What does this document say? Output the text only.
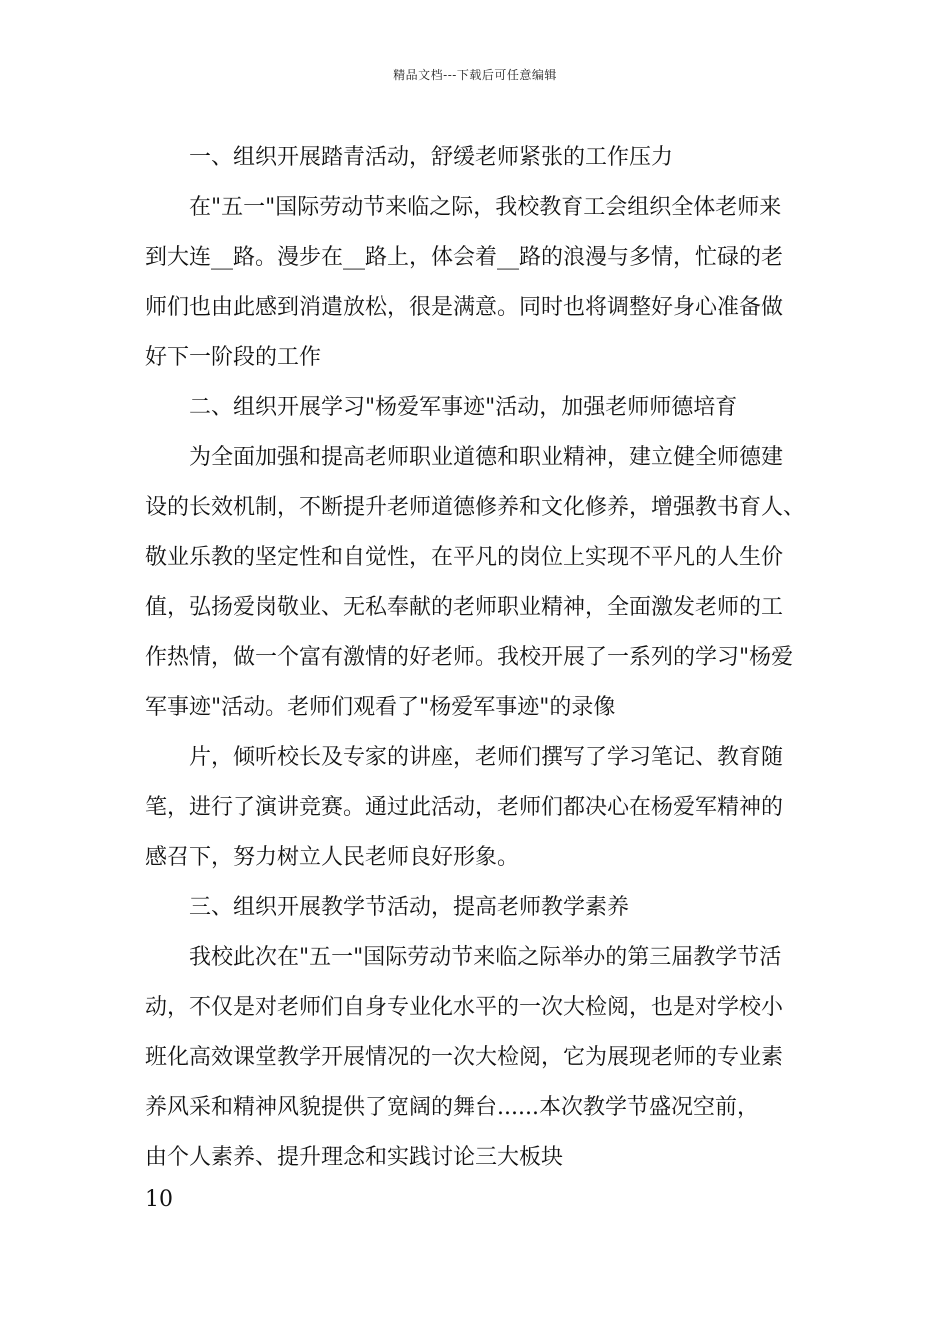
精品文档---下载后可任意编辑
一、组织开展踏青活动，舒缓老师紧张的工作压力
在"五一"国际劳动节来临之际，我校教育工会组织全体老师来
到大连__路。漫步在__路上，体会着__路的浪漫与多情，忙碌的老
师们也由此感到消遣放松，很是满意。同时也将调整好身心准备做
好下一阶段的工作
二、组织开展学习"杨爱军事迹"活动，加强老师师德培育
为全面加强和提高老师职业道德和职业精神，建立健全师德建
设的长效机制，不断提升老师道德修养和文化修养，增强教书育人、
敬业乐教的坚定性和自觉性，在平凡的岗位上实现不平凡的人生价
值，弘扬爱岗敬业、无私奉献的老师职业精神，全面激发老师的工
作热情，做一个富有激情的好老师。我校开展了一系列的学习"杨爱
军事迹"活动。老师们观看了"杨爱军事迹"的录像
片，倾听校长及专家的讲座，老师们撰写了学习笔记、教育随
笔，进行了演讲竞赛。通过此活动，老师们都决心在杨爱军精神的
感召下，努力树立人民老师良好形象。
三、组织开展教学节活动，提高老师教学素养
我校此次在"五一"国际劳动节来临之际举办的第三届教学节活
动，不仅是对老师们自身专业化水平的一次大检阅，也是对学校小
班化高效课堂教学开展情况的一次大检阅，它为展现老师的专业素
养风采和精神风貌提供了宽阔的舞台......本次教学节盛况空前，
由个人素养、提升理念和实践讨论三大板块
10
